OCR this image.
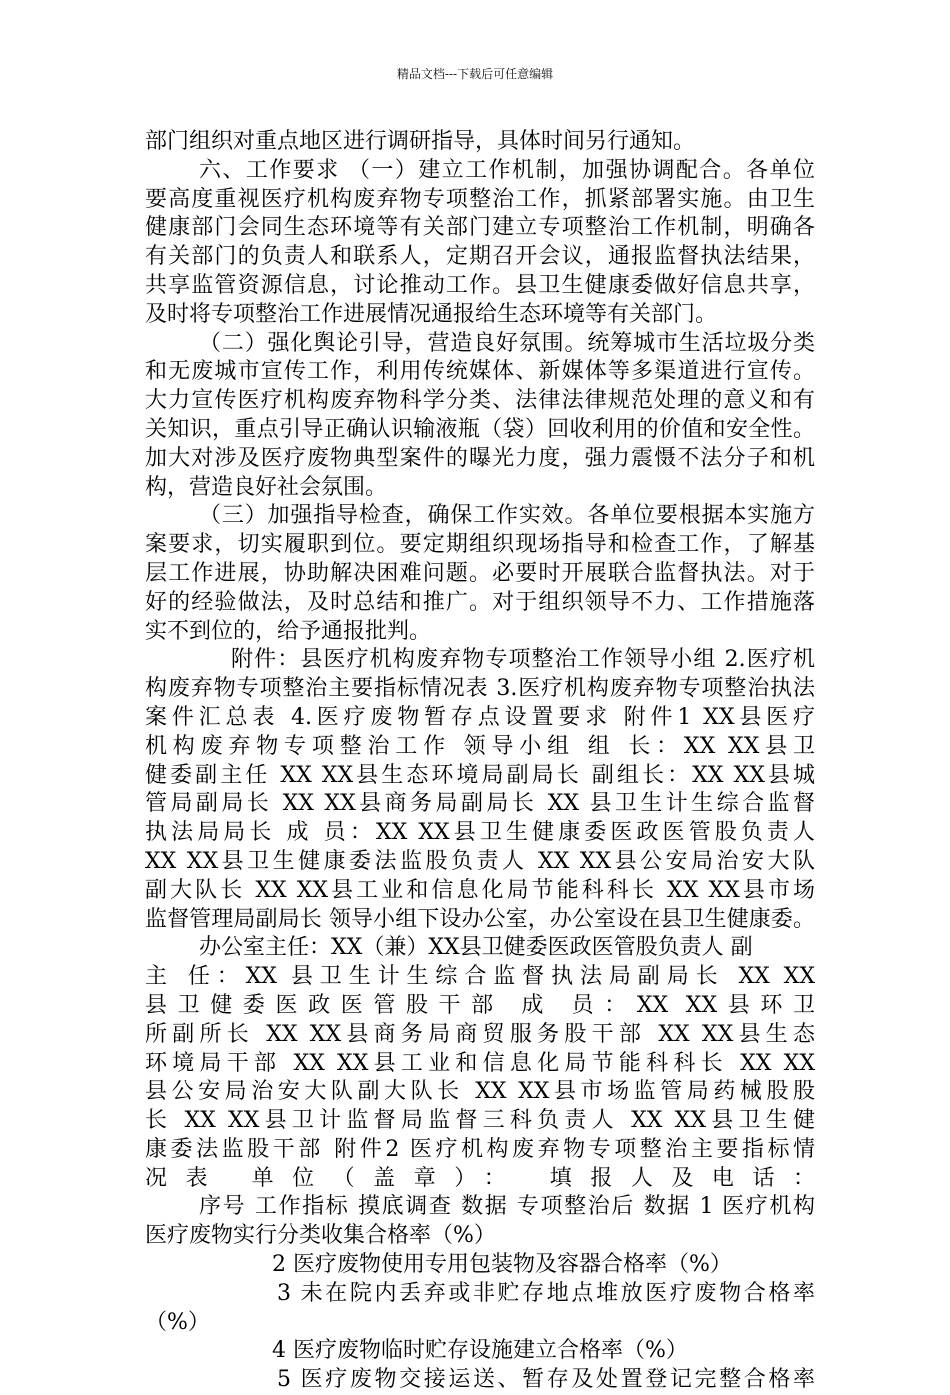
精品文档---下载后可任意编辑
部门组织对重点地区进行调研指导，具体时间另行通知。
六、工作要求 （一）建立工作机制，加强协调配合。各单位
要高度重视医疗机构废弃物专项整治工作，抓紧部署实施。由卫生
健康部门会同生态环境等有关部门建立专项整治工作机制，明确各
有关部门的负责人和联系人，定期召开会议，通报监督执法结果，
共享监管资源信息，讨论推动工作。县卫生健康委做好信息共享，
及时将专项整治工作进展情况通报给生态环境等有关部门。
（二）强化舆论引导，营造良好氛围。统筹城市生活垃圾分类
和无废城市宣传工作，利用传统媒体、新媒体等多渠道进行宣传。
大力宣传医疗机构废弃物科学分类、法律法律规范处理的意义和有
关知识，重点引导正确认识输液瓶（袋）回收利用的价值和安全性。
加大对涉及医疗废物典型案件的曝光力度，强力震慑不法分子和机
构，营造良好社会氛围。
（三）加强指导检查，确保工作实效。各单位要根据本实施方
案要求，切实履职到位。要定期组织现场指导和检查工作，了解基
层工作进展，协助解决困难问题。必要时开展联合监督执法。对于
好的经验做法，及时总结和推广。对于组织领导不力、工作措施落
实不到位的，给予通报批判。
附件：县医疗机构废弃物专项整治工作领导小组 2.医疗机
构废弃物专项整治主要指标情况表 3.医疗机构废弃物专项整治执法
案件汇总表 4.医疗废物暂存点设置要求 附件1 XX县医疗
机构废弃物专项整治工作 领导小组 组 长：XX XX县卫
健委副主任 XX XX县生态环境局副局长 副组长：XX XX县城
管局副局长 XX XX县商务局副局长 XX 县卫生计生综合监督
执法局局长 成 员：XX XX县卫生健康委医政医管股负责人
XX XX县卫生健康委法监股负责人 XX XX县公安局治安大队
副大队长 XX XX县工业和信息化局节能科科长 XX XX县市场
监督管理局副局长 领导小组下设办公室，办公室设在县卫生健康委。
办公室主任：XX（兼）XX县卫健委医政医管股负责人 副
主 任：XX 县卫生计生综合监督执法局副局长 XX XX
县卫健委医政医管股干部 成 员：XX XX县环卫
所副所长 XX XX县商务局商贸服务股干部 XX XX县生态
环境局干部 XX XX县工业和信息化局节能科科长 XX XX
县公安局治安大队副大队长 XX XX县市场监管局药械股股
长 XX XX县卫计监督局监督三科负责人 XX XX县卫生健
康委法监股干部 附件2 医疗机构废弃物专项整治主要指标情
况表 单位（盖章）： 填报人及电话：
序号 工作指标 摸底调查 数据 专项整治后 数据 1 医疗机构
医疗废物实行分类收集合格率（%）
2 医疗废物使用专用包装物及容器合格率（%）
3 未在院内丢弃或非贮存地点堆放医疗废物合格率
（%）
4 医疗废物临时贮存设施建立合格率（%）
5 医疗废物交接运送、暂存及处置登记完整合格率
